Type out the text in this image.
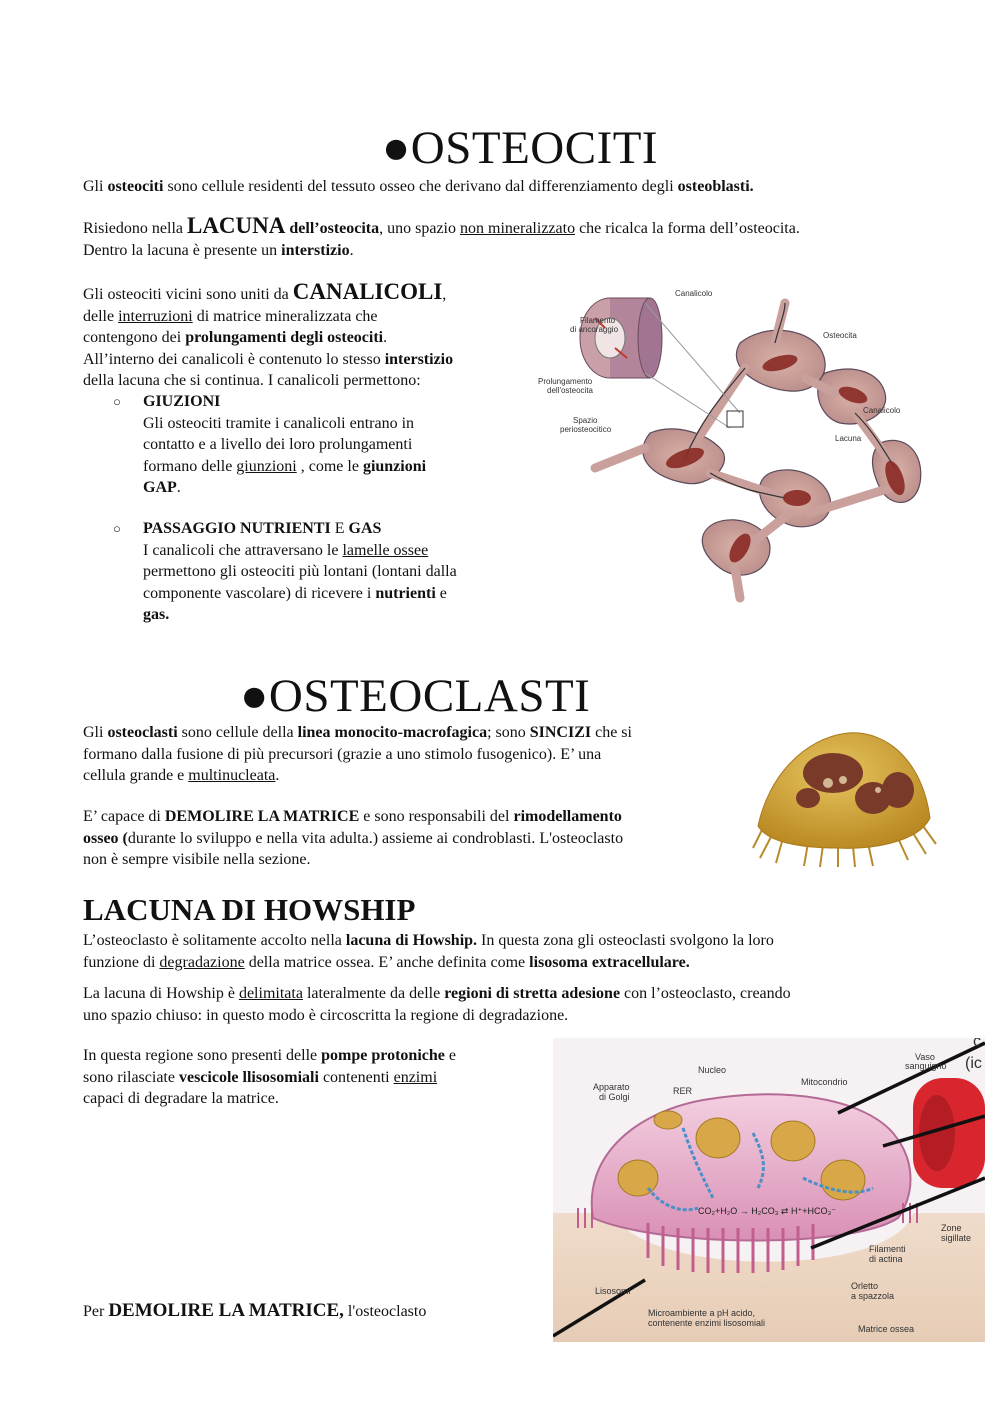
●OSTEOCITI

Gli osteociti sono cellule residenti del tessuto osseo che derivano dal differenziamento degli osteoblasti.

Risiedono nella LACUNA dell’osteocita, uno spazio non mineralizzato che ricalca la forma dell’osteocita.
Dentro la lacuna è presente un interstizio.

Gli osteociti vicini sono uniti da CANALICOLI,
delle interruzioni di matrice mineralizzata che
contengono dei prolungamenti degli osteociti.
All’interno dei canalicoli è contenuto lo stesso interstizio
della lacuna che si continua. I canalicoli permettono:

○ GIUZIONI
Gli osteociti tramite i canalicoli entrano in
contatto e a livello dei loro prolungamenti
formano delle giunzioni , come le giunzioni
GAP.
○ PASSAGGIO NUTRIENTI E GAS
I canalicoli che attraversano le lamelle ossee
permettono gli osteociti più lontani (lontani dalla
componente vascolare) di ricevere i nutrienti e
gas.
Canalicolo
Filamento
di ancoraggio
Osteocita
Prolungamento
dell'osteocita
Spazio
periosteocitico
Canalicolo
Lacuna
●OSTEOCLASTI

Gli osteoclasti sono cellule della linea monocito-macrofagica; sono SINCIZI che si
formano dalla fusione di più precursori (grazie a uno stimolo fusogenico). E’ una
cellula grande e multinucleata.

E’ capace di DEMOLIRE LA MATRICE e sono responsabili del rimodellamento
osseo (durante lo sviluppo e nella vita adulta.) assieme ai condroblasti. L'osteoclasto
non è sempre visibile nella sezione.

LACUNA DI HOWSHIP

L’osteoclasto è solitamente accolto nella lacuna di Howship. In questa zona gli osteoclasti svolgono la loro
funzione di degradazione della matrice ossea. E’ anche definita come lisosoma extracellulare.

La lacuna di Howship è delimitata lateralmente da delle regioni di stretta adesione con l’osteoclasto, creando
uno spazio chiuso: in questo modo è circoscritta la regione di degradazione.

In questa regione sono presenti delle pompe protoniche e
sono rilasciate vescicole llisosomiali contenenti enzimi
capaci di degradare la matrice.

Per DEMOLIRE LA MATRICE, l'osteoclasto

Nucleo
Vaso
sanguigno
Apparato
di Golgi
RER
Mitocondrio
CO₂+H₂O → H₂CO₃ ⇄ H⁺+HCO₃⁻
Zone
sigillate
Filamenti
di actina
Lisosomi	Orletto
a spazzola
Microambiente a pH acido,
contenente enzimi lisosomiali
Matrice ossea
(ic
c
